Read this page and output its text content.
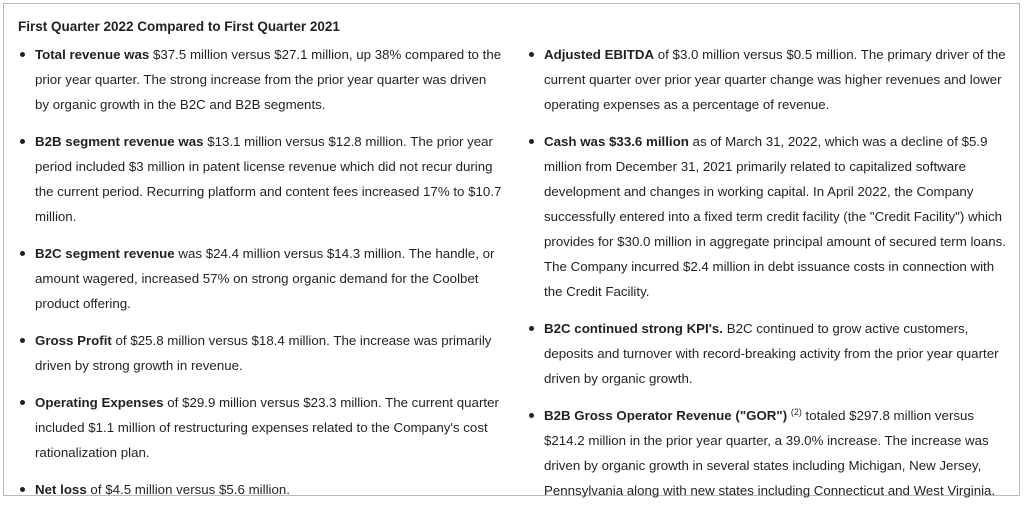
First Quarter 2022 Compared to First Quarter 2021
Total revenue was $37.5 million versus $27.1 million, up 38% compared to the prior year quarter. The strong increase from the prior year quarter was driven by organic growth in the B2C and B2B segments.
B2B segment revenue was $13.1 million versus $12.8 million. The prior year period included $3 million in patent license revenue which did not recur during the current period. Recurring platform and content fees increased 17% to $10.7 million.
B2C segment revenue was $24.4 million versus $14.3 million. The handle, or amount wagered, increased 57% on strong organic demand for the Coolbet product offering.
Gross Profit of $25.8 million versus $18.4 million. The increase was primarily driven by strong growth in revenue.
Operating Expenses of $29.9 million versus $23.3 million. The current quarter included $1.1 million of restructuring expenses related to the Company's cost rationalization plan.
Net loss of $4.5 million versus $5.6 million.
Adjusted EBITDA of $3.0 million versus $0.5 million. The primary driver of the current quarter over prior year quarter change was higher revenues and lower operating expenses as a percentage of revenue.
Cash was $33.6 million as of March 31, 2022, which was a decline of $5.9 million from December 31, 2021 primarily related to capitalized software development and changes in working capital. In April 2022, the Company successfully entered into a fixed term credit facility (the "Credit Facility") which provides for $30.0 million in aggregate principal amount of secured term loans. The Company incurred $2.4 million in debt issuance costs in connection with the Credit Facility.
B2C continued strong KPI's. B2C continued to grow active customers, deposits and turnover with record-breaking activity from the prior year quarter driven by organic growth.
B2B Gross Operator Revenue ("GOR") $^{(2)}$ totaled $297.8 million versus $214.2 million in the prior year quarter, a 39.0% increase. The increase was driven by organic growth in several states including Michigan, New Jersey, Pennsylvania along with new states including Connecticut and West Virginia.
